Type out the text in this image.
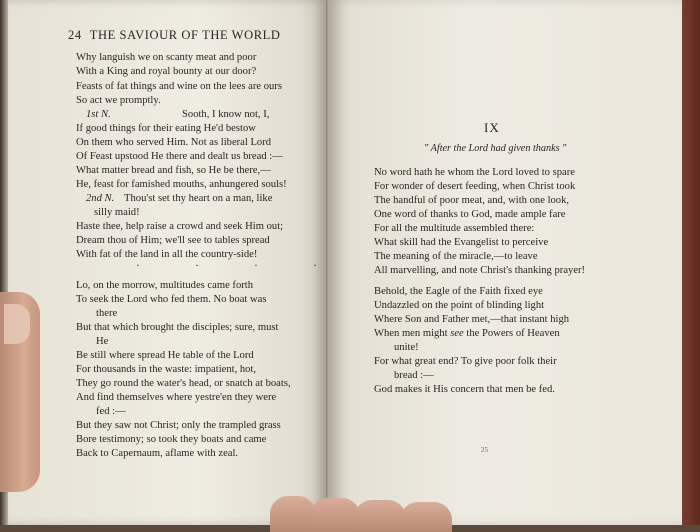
24 THE SAVIOUR OF THE WORLD
Why languish we on scanty meat and poor
With a King and royal bounty at our door?
Feasts of fat things and wine on the lees are ours
So act we promptly.
1st N.	Sooth, I know not, I,
If good things for their eating He'd bestow
On them who served Him. Not as liberal Lord
Of Feast upstood He there and dealt us bread :—
What matter bread and fish, so He be there,—
He, feast for famished mouths, anhungered souls!
2nd N. Thou'st set thy heart on a man, like
silly maid!
Haste thee, help raise a crowd and seek Him out;
Dream thou of Him; we'll see to tables spread
With fat of the land in all the country-side!
· · · ·
Lo, on the morrow, multitudes came forth
To seek the Lord who fed them. No boat was
there
But that which brought the disciples; sure, must
He
Be still where spread He table of the Lord
For thousands in the waste: impatient, hot,
They go round the water's head, or snatch at boats,
And find themselves where yestre'en they were
fed :—
But they saw not Christ; only the trampled grass
Bore testimony; so took they boats and came
Back to Capernaum, aflame with zeal.
IX
" After the Lord had given thanks "
No word hath he whom the Lord loved to spare
For wonder of desert feeding, when Christ took
The handful of poor meat, and, with one look,
One word of thanks to God, made ample fare
For all the multitude assembled there:
What skill had the Evangelist to perceive
The meaning of the miracle,—to leave
All marvelling, and note Christ's thanking prayer!
Behold, the Eagle of the Faith fixed eye
Undazzled on the point of blinding light
Where Son and Father met,—that instant high
When men might see the Powers of Heaven
unite!
For what great end? To give poor folk their
bread :—
God makes it His concern that men be fed.
25
